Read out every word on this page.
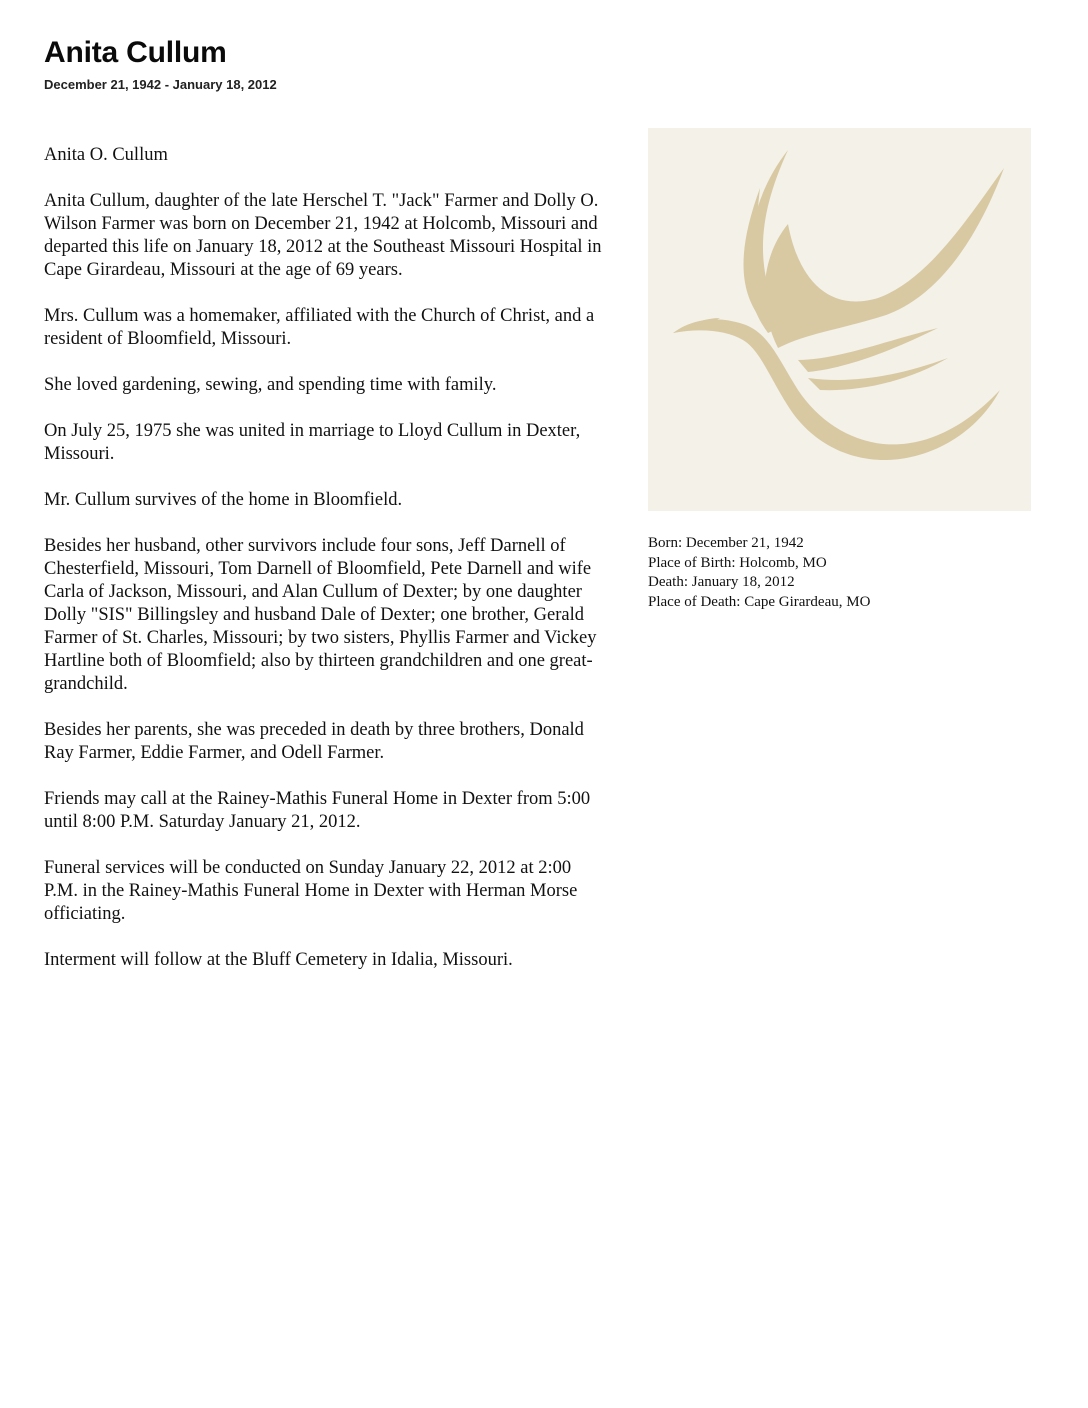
Anita Cullum
December 21, 1942 - January 18, 2012

Anita O. Cullum

Anita Cullum, daughter of the late Herschel T. "Jack" Farmer and Dolly O. Wilson Farmer was born on December 21, 1942 at Holcomb, Missouri and departed this life on January 18, 2012 at the Southeast Missouri Hospital in Cape Girardeau, Missouri at the age of 69 years.

Mrs. Cullum was a homemaker, affiliated with the Church of Christ, and a resident of Bloomfield, Missouri.

She loved gardening, sewing, and spending time with family.

On July 25, 1975 she was united in marriage to Lloyd Cullum in Dexter, Missouri.

Mr. Cullum survives of the home in Bloomfield.

Besides her husband, other survivors include four sons, Jeff Darnell of Chesterfield, Missouri, Tom Darnell of Bloomfield, Pete Darnell and wife Carla of Jackson, Missouri, and Alan Cullum of Dexter; by one daughter Dolly "SIS" Billingsley and husband Dale of Dexter; one brother, Gerald Farmer of St. Charles, Missouri; by two sisters, Phyllis Farmer and Vickey Hartline both of Bloomfield; also by thirteen grandchildren and one great-grandchild.

Besides her parents, she was preceded in death by three brothers, Donald Ray Farmer, Eddie Farmer, and Odell Farmer.

Friends may call at the Rainey-Mathis Funeral Home in Dexter from 5:00 until 8:00 P.M. Saturday January 21, 2012.

Funeral services will be conducted on Sunday January 22, 2012 at 2:00 P.M. in the Rainey-Mathis Funeral Home in Dexter with Herman Morse officiating.

Interment will follow at the Bluff Cemetery in Idalia, Missouri.

Born: December 21, 1942
Place of Birth: Holcomb, MO
Death: January 18, 2012
Place of Death: Cape Girardeau, MO
